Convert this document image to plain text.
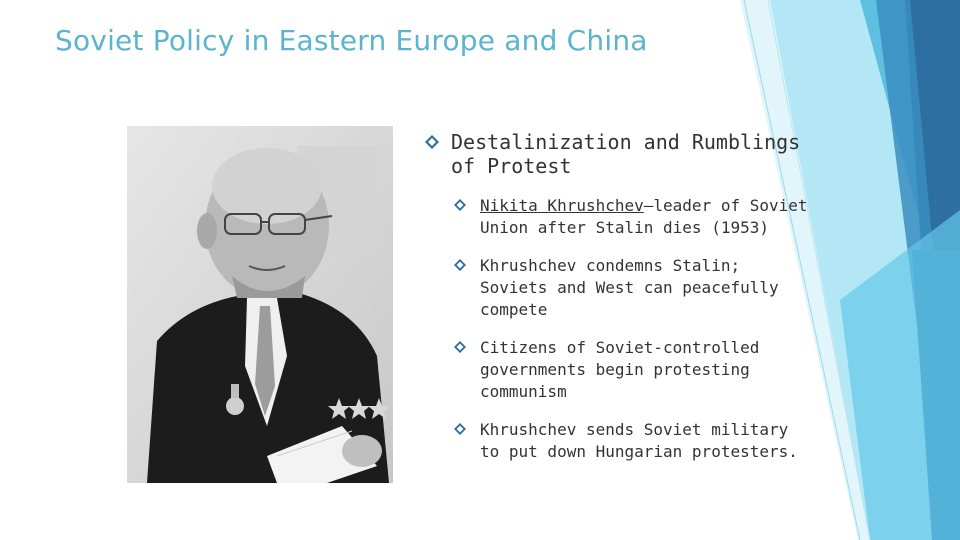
Soviet Policy in Eastern Europe and China
Destalinization and Rumblings of Protest
Nikita Khrushchev—leader of Soviet Union after Stalin dies (1953)
Khrushchev condemns Stalin; Soviets and West can peacefully compete
Citizens of Soviet-controlled governments begin protesting communism
Khrushchev sends Soviet military to put down Hungarian protesters.
